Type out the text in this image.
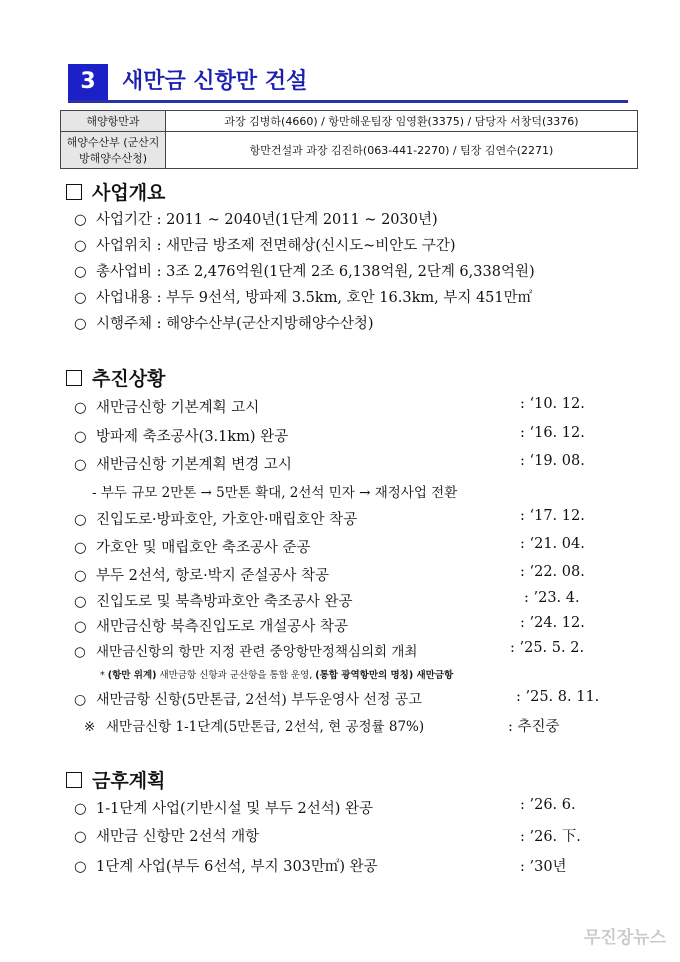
3	새만금 신항만 건설
해양항만과	과장 김병하(4660) / 항만해운팀장 임영환(3375) / 담당자 서창덕(3376)
해양수산부 (군산지방해양수산청)	항만건설과 과장 김진하(063-441-2270) / 팀장 김연수(2271)
사업개요
○ 사업기간 : 2011 ~ 2040년(1단계 2011 ~ 2030년)
○ 사업위치 : 새만금 방조제 전면해상(신시도~비안도 구간)
○ 총사업비 : 3조 2,476억원(1단계 2조 6,138억원, 2단계 6,338억원)
○ 사업내용 : 부두 9선석, 방파제 3.5km, 호안 16.3km, 부지 451만㎡
○ 시행주체 : 해양수산부(군산지방해양수산청)
추진상황
○ 새만금신항 기본계획 고시	: ‘10. 12.
○ 방파제 축조공사(3.1km) 완공	: ‘16. 12.
○ 새반금신항 기본계획 변경 고시	: ‘19. 08.
- 부두 규모 2만톤 → 5만톤 확대, 2선석 민자 → 재정사업 전환
○ 진입도로·방파호안, 가호안·매립호안 착공	: ‘17. 12.
○ 가호안 및 매립호안 축조공사 준공	: ‘21. 04.
○ 부두 2선석, 항로·박지 준설공사 착공	: ‘22. 08.
○ 진입도로 및 북측방파호안 축조공사 완공	: ’23. 4.
○ 새만금신항 북측진입도로 개설공사 착공	: ’24. 12.
○ 새만금신항의 항만 지정 관련 중앙항만정책심의회 개최	: ’25. 5. 2.
* (항만 위계) 새만금항 신항과 군산항을 통합 운영, (통합 광역항만의 명칭) 새만금항
○ 새만금항 신항(5만톤급, 2선석) 부두운영사 선정 공고	: ’25. 8. 11.
※ 새만금신항 1-1단계(5만톤급, 2선석, 현 공정률 87%)	: 추진중
금후계획
○ 1-1단계 사업(기반시설 및 부두 2선석) 완공	: ’26. 6.
○ 새만금 신항만 2선석 개항	: ’26. 下.
○ 1단계 사업(부두 6선석, 부지 303만㎡) 완공	: ’30년
무진장뉴스
